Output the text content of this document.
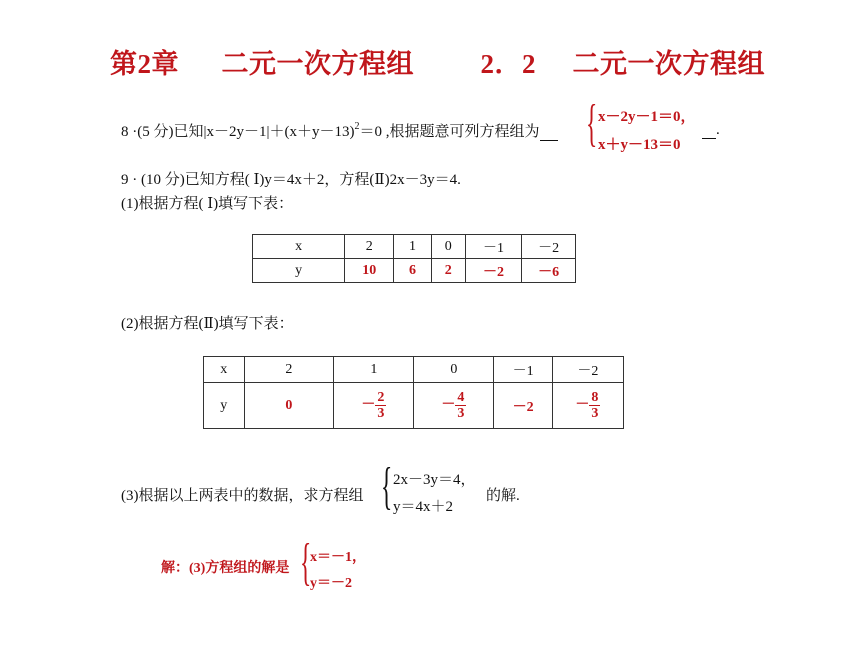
第2章 二元一次方程组 2．2 二元一次方程组
8 ·(5 分)已知$|x-2y-1|+(x+y-13)^2=0$ ,根据题意可列方程组为 { x－2y－1＝0，
x＋y－13＝0
.
9 · (10 分)已知方程( Ⅰ)y＝4x＋2，方程(Ⅱ)2x－3y＝4.
(1)根据方程( Ⅰ)填写下表：
x	2	1	0	－1	－2
y	10	6	2	－2	－6
(2)根据方程(Ⅱ)填写下表：
x	2	1	0	－1	－2
y	0	－ $\frac{2}{3}$	－ $\frac{4}{3}$	－2	－ $\frac{8}{3}$
(3)根据以上两表中的数据，求方程组 { 2x－3y＝4，
y＝4x＋2
的解.
解：(3)方程组的解是 {
x＝－1，
y＝－2
